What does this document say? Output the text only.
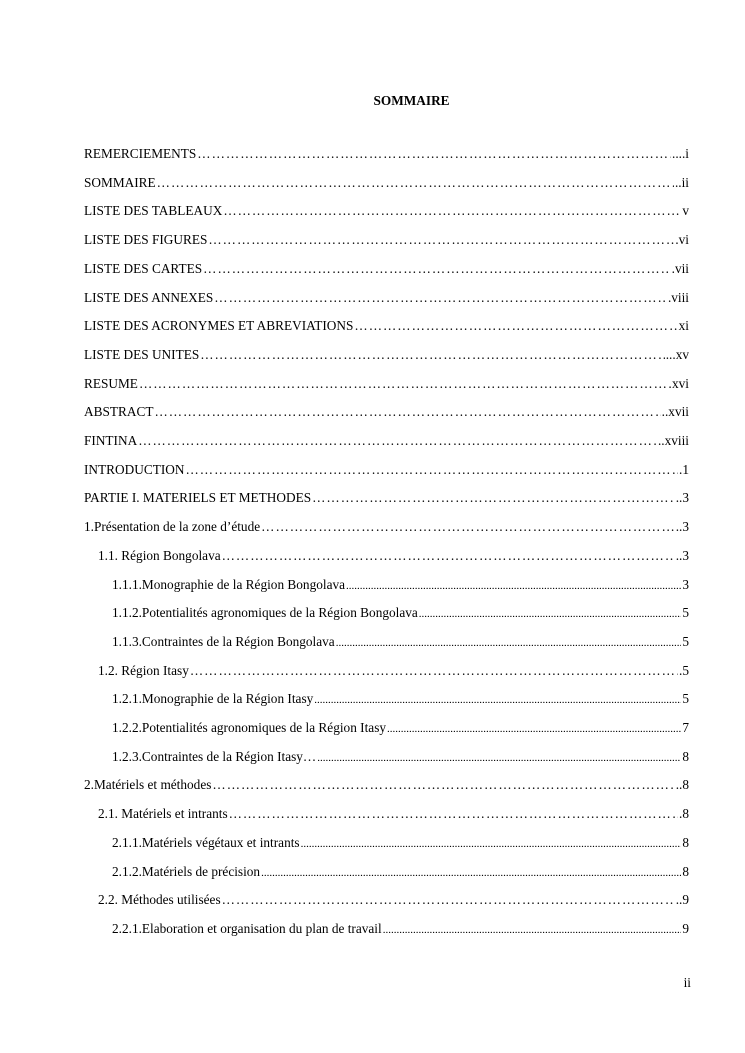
SOMMAIRE
REMERCIEMENTS …………………………………………………………………………………………………………………………………………………………………………………………………………………………………………	....i
SOMMAIRE …………………………………………………………………………………………………………………………………………………………………………………………………………………………………………	..ii
LISTE DES TABLEAUX …………………………………………………………………………………………………………………………………………………………………………………………………………………………………………	v
LISTE DES FIGURES …………………………………………………………………………………………………………………………………………………………………………………………………………………………………………	vi
LISTE DES CARTES …………………………………………………………………………………………………………………………………………………………………………………………………………………………………………	.vii
LISTE DES ANNEXES …………………………………………………………………………………………………………………………………………………………………………………………………………………………………………	.viii
LISTE DES ACRONYMES ET ABREVIATIONS …………………………………………………………………………………………………………………………………………………………………………………………………………………………………………	xi
LISTE DES UNITES …………………………………………………………………………………………………………………………………………………………………………………………………………………………………………	...xv
RESUME …………………………………………………………………………………………………………………………………………………………………………………………………………………………………………	xvi
ABSTRACT …………………………………………………………………………………………………………………………………………………………………………………………………………………………………………	..xvii
FINTINA …………………………………………………………………………………………………………………………………………………………………………………………………………………………………………	..xviii
INTRODUCTION …………………………………………………………………………………………………………………………………………………………………………………………………………………………………………	.1
PARTIE I. MATERIELS ET METHODES …………………………………………………………………………………………………………………………………………………………………………………………………………………………………………	..3
1. Présentation de la zone d’étude …………………………………………………………………………………………………………………………………………………………………………………………………………………………………………	..3
1.1. Région Bongolava …………………………………………………………………………………………………………………………………………………………………………………………………………………………………………	..3
1.1.1. Monographie de la Région Bongolava .....	3
1.1.2. Potentialités agronomiques de la Région Bongolava .....	5
1.1.3. Contraintes de la Région Bongolava .....	5
1.2. Région Itasy …………………………………………………………………………………………………………………………………………………………………………………………………………………………………………	.5
1.2.1. Monographie de la Région Itasy .....	5
1.2.2. Potentialités agronomiques de la Région Itasy .....	7
1.2.3. Contraintes de la Région Itasy… .....	8
2. Matériels et méthodes …………………………………………………………………………………………………………………………………………………………………………………………………………………………………………	..8
2.1. Matériels et intrants …………………………………………………………………………………………………………………………………………………………………………………………………………………………………………	.8
2.1.1. Matériels végétaux et intrants .....	8
2.1.2. Matériels de précision .....	8
2.2. Méthodes utilisées …………………………………………………………………………………………………………………………………………………………………………………………………………………………………………	..9
2.2.1. Elaboration et organisation du plan de travail .....	9
ii
